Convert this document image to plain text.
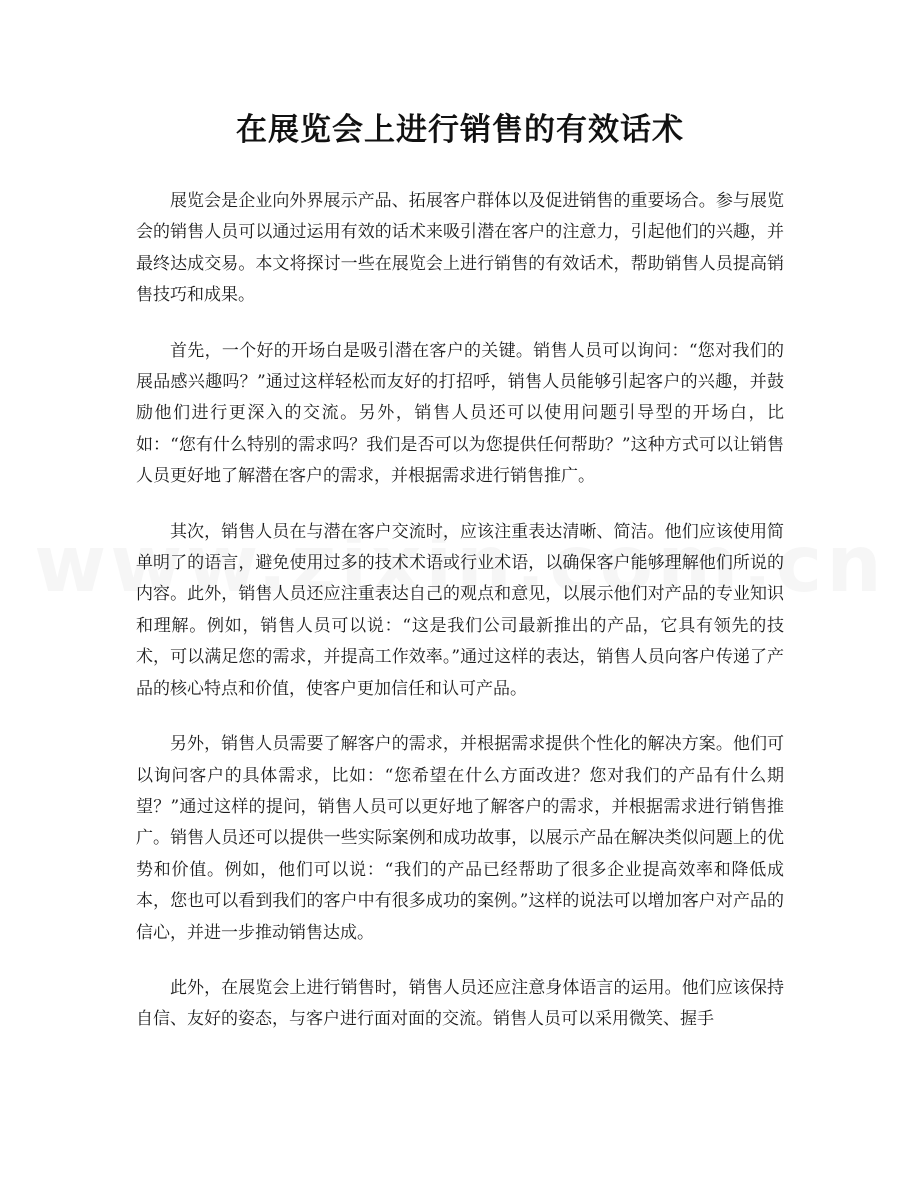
在展览会上进行销售的有效话术

展览会是企业向外界展示产品、拓展客户群体以及促进销售的重要场合。参与展览会的销售人员可以通过运用有效的话术来吸引潜在客户的注意力，引起他们的兴趣，并最终达成交易。本文将探讨一些在展览会上进行销售的有效话术，帮助销售人员提高销售技巧和成果。

首先，一个好的开场白是吸引潜在客户的关键。销售人员可以询问：“您对我们的展品感兴趣吗？”通过这样轻松而友好的打招呼，销售人员能够引起客户的兴趣，并鼓励他们进行更深入的交流。另外，销售人员还可以使用问题引导型的开场白，比如：“您有什么特别的需求吗？我们是否可以为您提供任何帮助？”这种方式可以让销售人员更好地了解潜在客户的需求，并根据需求进行销售推广。

其次，销售人员在与潜在客户交流时，应该注重表达清晰、简洁。他们应该使用简单明了的语言，避免使用过多的技术术语或行业术语，以确保客户能够理解他们所说的内容。此外，销售人员还应注重表达自己的观点和意见，以展示他们对产品的专业知识和理解。例如，销售人员可以说：“这是我们公司最新推出的产品，它具有领先的技术，可以满足您的需求，并提高工作效率。”通过这样的表达，销售人员向客户传递了产品的核心特点和价值，使客户更加信任和认可产品。

另外，销售人员需要了解客户的需求，并根据需求提供个性化的解决方案。他们可以询问客户的具体需求，比如：“您希望在什么方面改进？您对我们的产品有什么期望？”通过这样的提问，销售人员可以更好地了解客户的需求，并根据需求进行销售推广。销售人员还可以提供一些实际案例和成功故事，以展示产品在解决类似问题上的优势和价值。例如，他们可以说：“我们的产品已经帮助了很多企业提高效率和降低成本，您也可以看到我们的客户中有很多成功的案例。”这样的说法可以增加客户对产品的信心，并进一步推动销售达成。

此外，在展览会上进行销售时，销售人员还应注意身体语言的运用。他们应该保持自信、友好的姿态，与客户进行面对面的交流。销售人员可以采用微笑、握手
